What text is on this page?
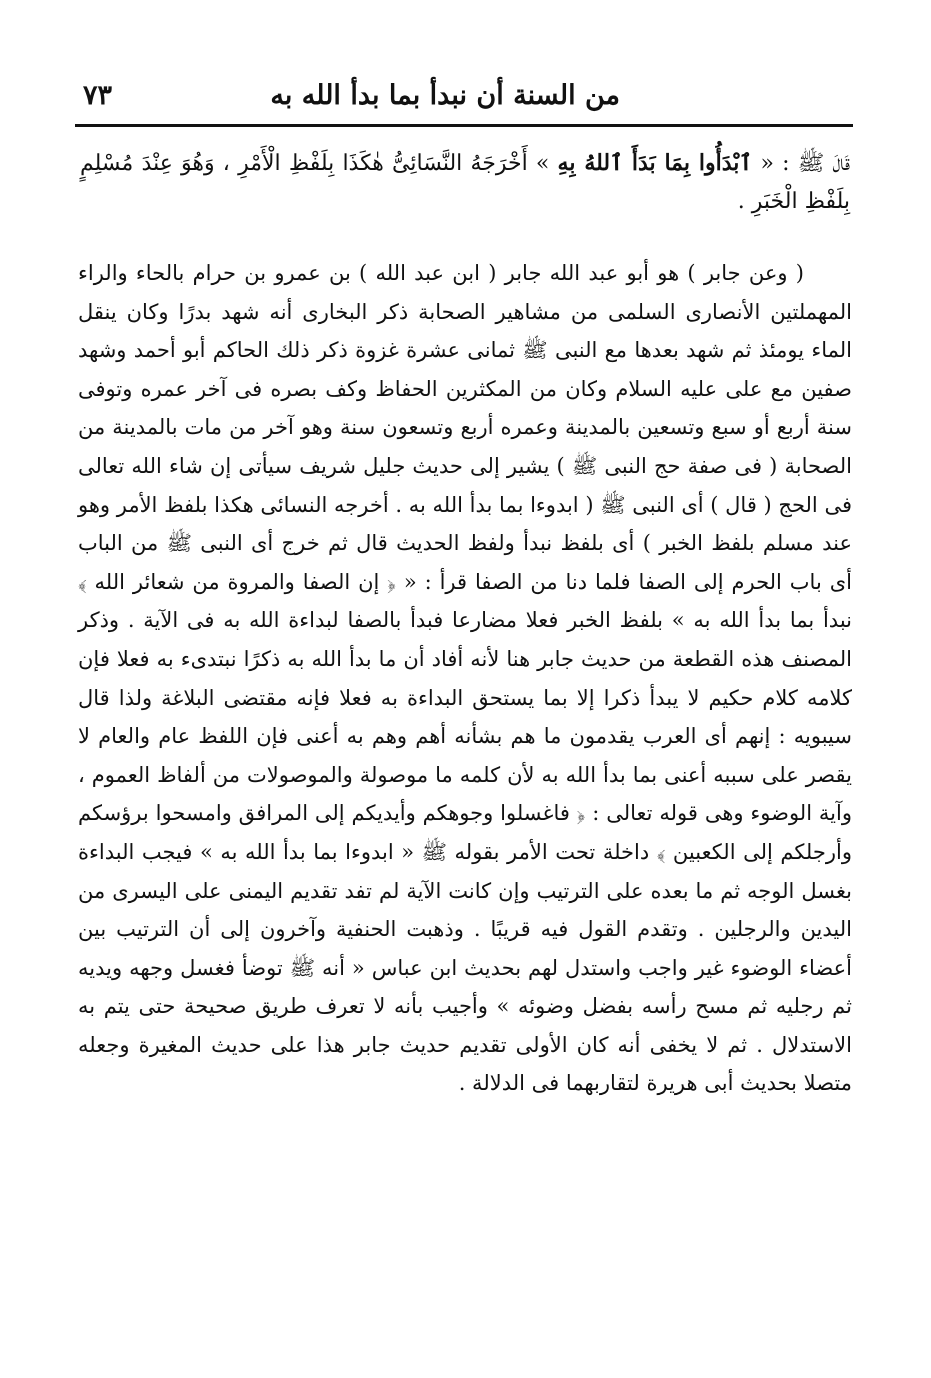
من السنة أن نبدأ بما بدأ الله به
٧٣
قَالَ ﷺ : « ٱبْدَأُوا بِمَا بَدَأَ ٱللهُ بِهِ » أَخْرَجَهُ النَّسَائِىُّ هٰكَذَا بِلَفْظِ الْأَمْرِ ، وَهُوَ عِنْدَ مُسْلِمٍ بِلَفْظِ الْخَبَرِ .

( وعن جابر ) هو أبو عبد الله جابر ( ابن عبد الله ) بن عمرو بن حرام بالحاء والراء المهملتين الأنصارى السلمى من مشاهير الصحابة ذكر البخارى أنه شهد بدرًا وكان ينقل الماء يومئذ ثم شهد بعدها مع النبى ﷺ ثمانى عشرة غزوة ذكر ذلك الحاكم أبو أحمد وشهد صفين مع على عليه السلام وكان من المكثرين الحفاظ وكف بصره فى آخر عمره وتوفى سنة أربع أو سبع وتسعين بالمدينة وعمره أربع وتسعون سنة وهو آخر من مات بالمدينة من الصحابة ( فى صفة حج النبى ﷺ ) يشير إلى حديث جليل شريف سيأتى إن شاء الله تعالى فى الحج ( قال ) أى النبى ﷺ ( ابدوءا بما بدأ الله به . أخرجه النسائى هكذا بلفظ الأمر وهو عند مسلم بلفظ الخبر ) أى بلفظ نبدأ ولفظ الحديث قال ثم خرج أى النبى ﷺ من الباب أى باب الحرم إلى الصفا فلما دنا من الصفا قرأ : « ﴿ إن الصفا والمروة من شعائر الله ﴾ نبدأ بما بدأ الله به » بلفظ الخبر فعلا مضارعا فبدأ بالصفا لبداءة الله به فى الآية . وذكر المصنف هذه القطعة من حديث جابر هنا لأنه أفاد أن ما بدأ الله به ذكرًا نبتدىء به فعلا فإن كلامه كلام حكيم لا يبدأ ذكرا إلا بما يستحق البداءة به فعلا فإنه مقتضى البلاغة ولذا قال سيبويه : إنهم أى العرب يقدمون ما هم بشأنه أهم وهم به أعنى فإن اللفظ عام والعام لا يقصر على سببه أعنى بما بدأ الله به لأن كلمه ما موصولة والموصولات من ألفاظ العموم ، وآية الوضوء وهى قوله تعالى : ﴿ فاغسلوا وجوهكم وأيديكم إلى المرافق وامسحوا برؤسكم وأرجلكم إلى الكعبين ﴾ داخلة تحت الأمر بقوله ﷺ « ابدوءا بما بدأ الله به » فيجب البداءة بغسل الوجه ثم ما بعده على الترتيب وإن كانت الآية لم تفد تقديم اليمنى على اليسرى من اليدين والرجلين . وتقدم القول فيه قريبًا . وذهبت الحنفية وآخرون إلى أن الترتيب بين أعضاء الوضوء غير واجب واستدل لهم بحديث ابن عباس « أنه ﷺ توضأ فغسل وجهه ويديه ثم رجليه ثم مسح رأسه بفضل وضوئه » وأجيب بأنه لا تعرف طريق صحيحة حتى يتم به الاستدلال . ثم لا يخفى أنه كان الأولى تقديم حديث جابر هذا على حديث المغيرة وجعله متصلا بحديث أبى هريرة لتقاربهما فى الدلالة .
